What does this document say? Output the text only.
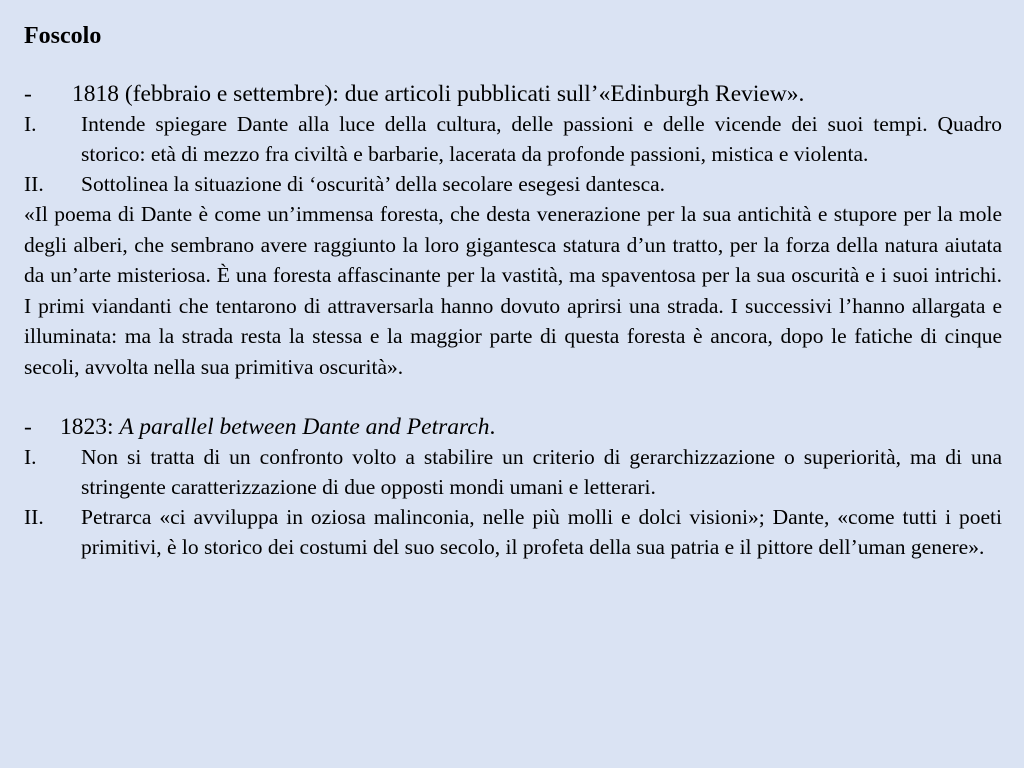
Foscolo
- 1818 (febbraio e settembre): due articoli pubblicati sull’«Edinburgh Review».
I.	Intende spiegare Dante alla luce della cultura, delle passioni e delle vicende dei suoi tempi. Quadro storico: età di mezzo fra civiltà e barbarie, lacerata da profonde passioni, mistica e violenta.
II.	Sottolinea la situazione di ‘oscurità’ della secolare esegesi dantesca.

«Il poema di Dante è come un’immensa foresta, che desta venerazione per la sua antichità e stupore per la mole degli alberi, che sembrano avere raggiunto la loro gigantesca statura d’un tratto, per la forza della natura aiutata da un’arte misteriosa. È una foresta affascinante per la vastità, ma spaventosa per la sua oscurità e i suoi intrichi. I primi viandanti che tentarono di attraversarla hanno dovuto aprirsi una strada. I successivi l’hanno allargata e illuminata: ma la strada resta la stessa e la maggior parte di questa foresta è ancora, dopo le fatiche di cinque secoli, avvolta nella sua primitiva oscurità».

- 1823: A parallel between Dante and Petrarch.
I.	Non si tratta di un confronto volto a stabilire un criterio di gerarchizzazione o superiorità, ma di una stringente caratterizzazione di due opposti mondi umani e letterari.
II.	Petrarca «ci avviluppa in oziosa malinconia, nelle più molli e dolci visioni»; Dante, «come tutti i poeti primitivi, è lo storico dei costumi del suo secolo, il profeta della sua patria e il pittore dell’uman genere».
